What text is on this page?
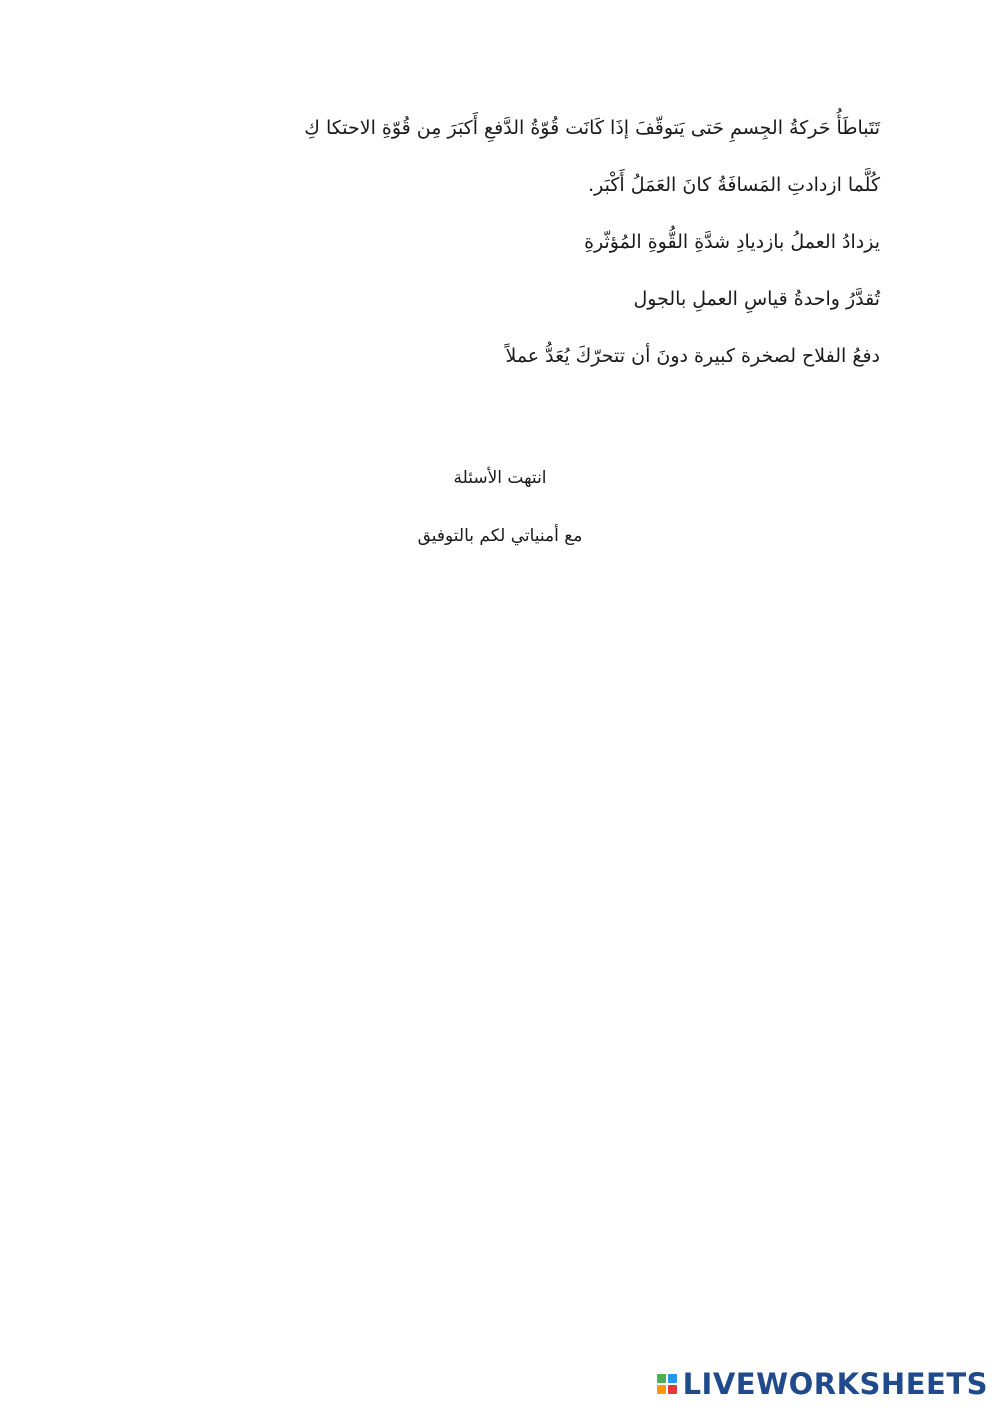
تَتَباطَأُ حَركةُ الجِسمِ حَتى يَتوقّفَ إذَا كَانَت قُوّةُ الدَّفعِ أَكبَرَ مِن قُوّةِ الاحتكا كِ
كُلَّما ازدادتِ المَسافَةُ كانَ العَمَلُ أَكْبَر.
يزدادُ العملُ بازديادِ شدَّةِ القُّوةِ المُؤثّرةِ
تُقدَّرُ واحدةُ قياسِ العملِ بالجول
دفعُ الفلاح لصخرة كبيرة دونَ أن تتحرّكَ يُعَدُّ عملاً

انتهت الأسئلة

مع أمنياتي لكم بالتوفيق

LIVEWORKSHEETS
